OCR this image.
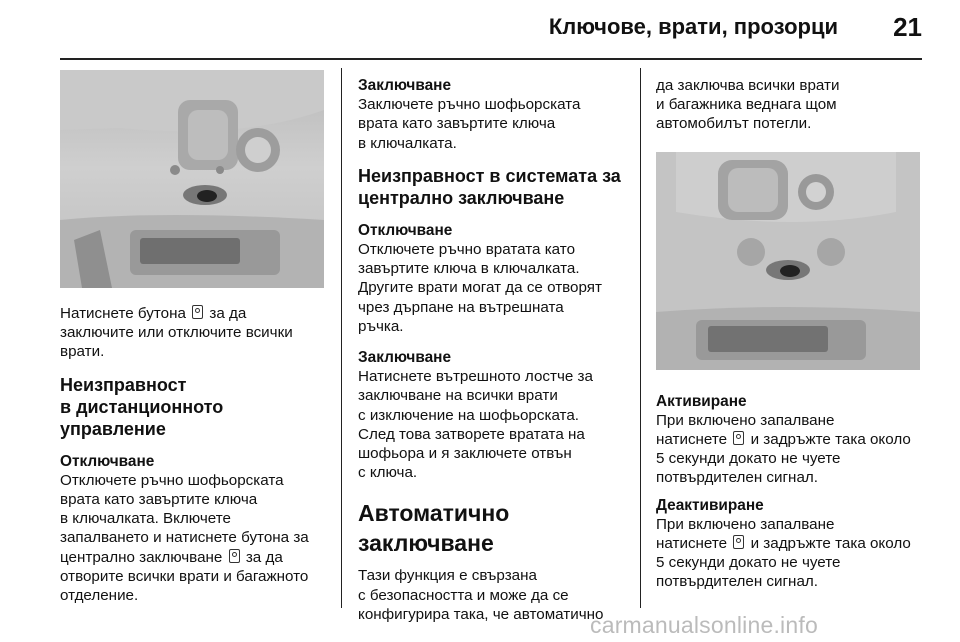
Ключове, врати, прозорци 21

Натиснете бутона за да
заключите или отключите всички
врати.

Неизправност
в дистанционното управление

Отключване

Отключете ръчно шофьорската
врата като завъртите ключа
в ключалката. Включете
запалването и натиснете бутона за
централно заключване за да
отворите всички врати и багажното
отделение.

Заключване

Заключете ръчно шофьорската
врата като завъртите ключа
в ключалката.

Неизправност в системата за
централно заключване

Отключване

Отключете ръчно вратата като
завъртите ключа в ключалката.
Другите врати могат да се отворят
чрез дърпане на вътрешната
ръчка.

Заключване

Натиснете вътрешното лостче за
заключване на всички врати
с изключение на шофьорската.
След това затворете вратата на
шофьора и я заключете отвън
с ключа.

Автоматично
заключване

Тази функция е свързана
с безопасността и може да се
конфигурира така, че автоматично

да заключва всички врати
и багажника веднага щом
автомобилът потегли.

Активиране

При включено запалване
натиснете и задръжте така около
5 секунди докато не чуете
потвърдителен сигнал.

Деактивиране

При включено запалване
натиснете и задръжте така около
5 секунди докато не чуете
потвърдителен сигнал.

carmanualsonline.info
